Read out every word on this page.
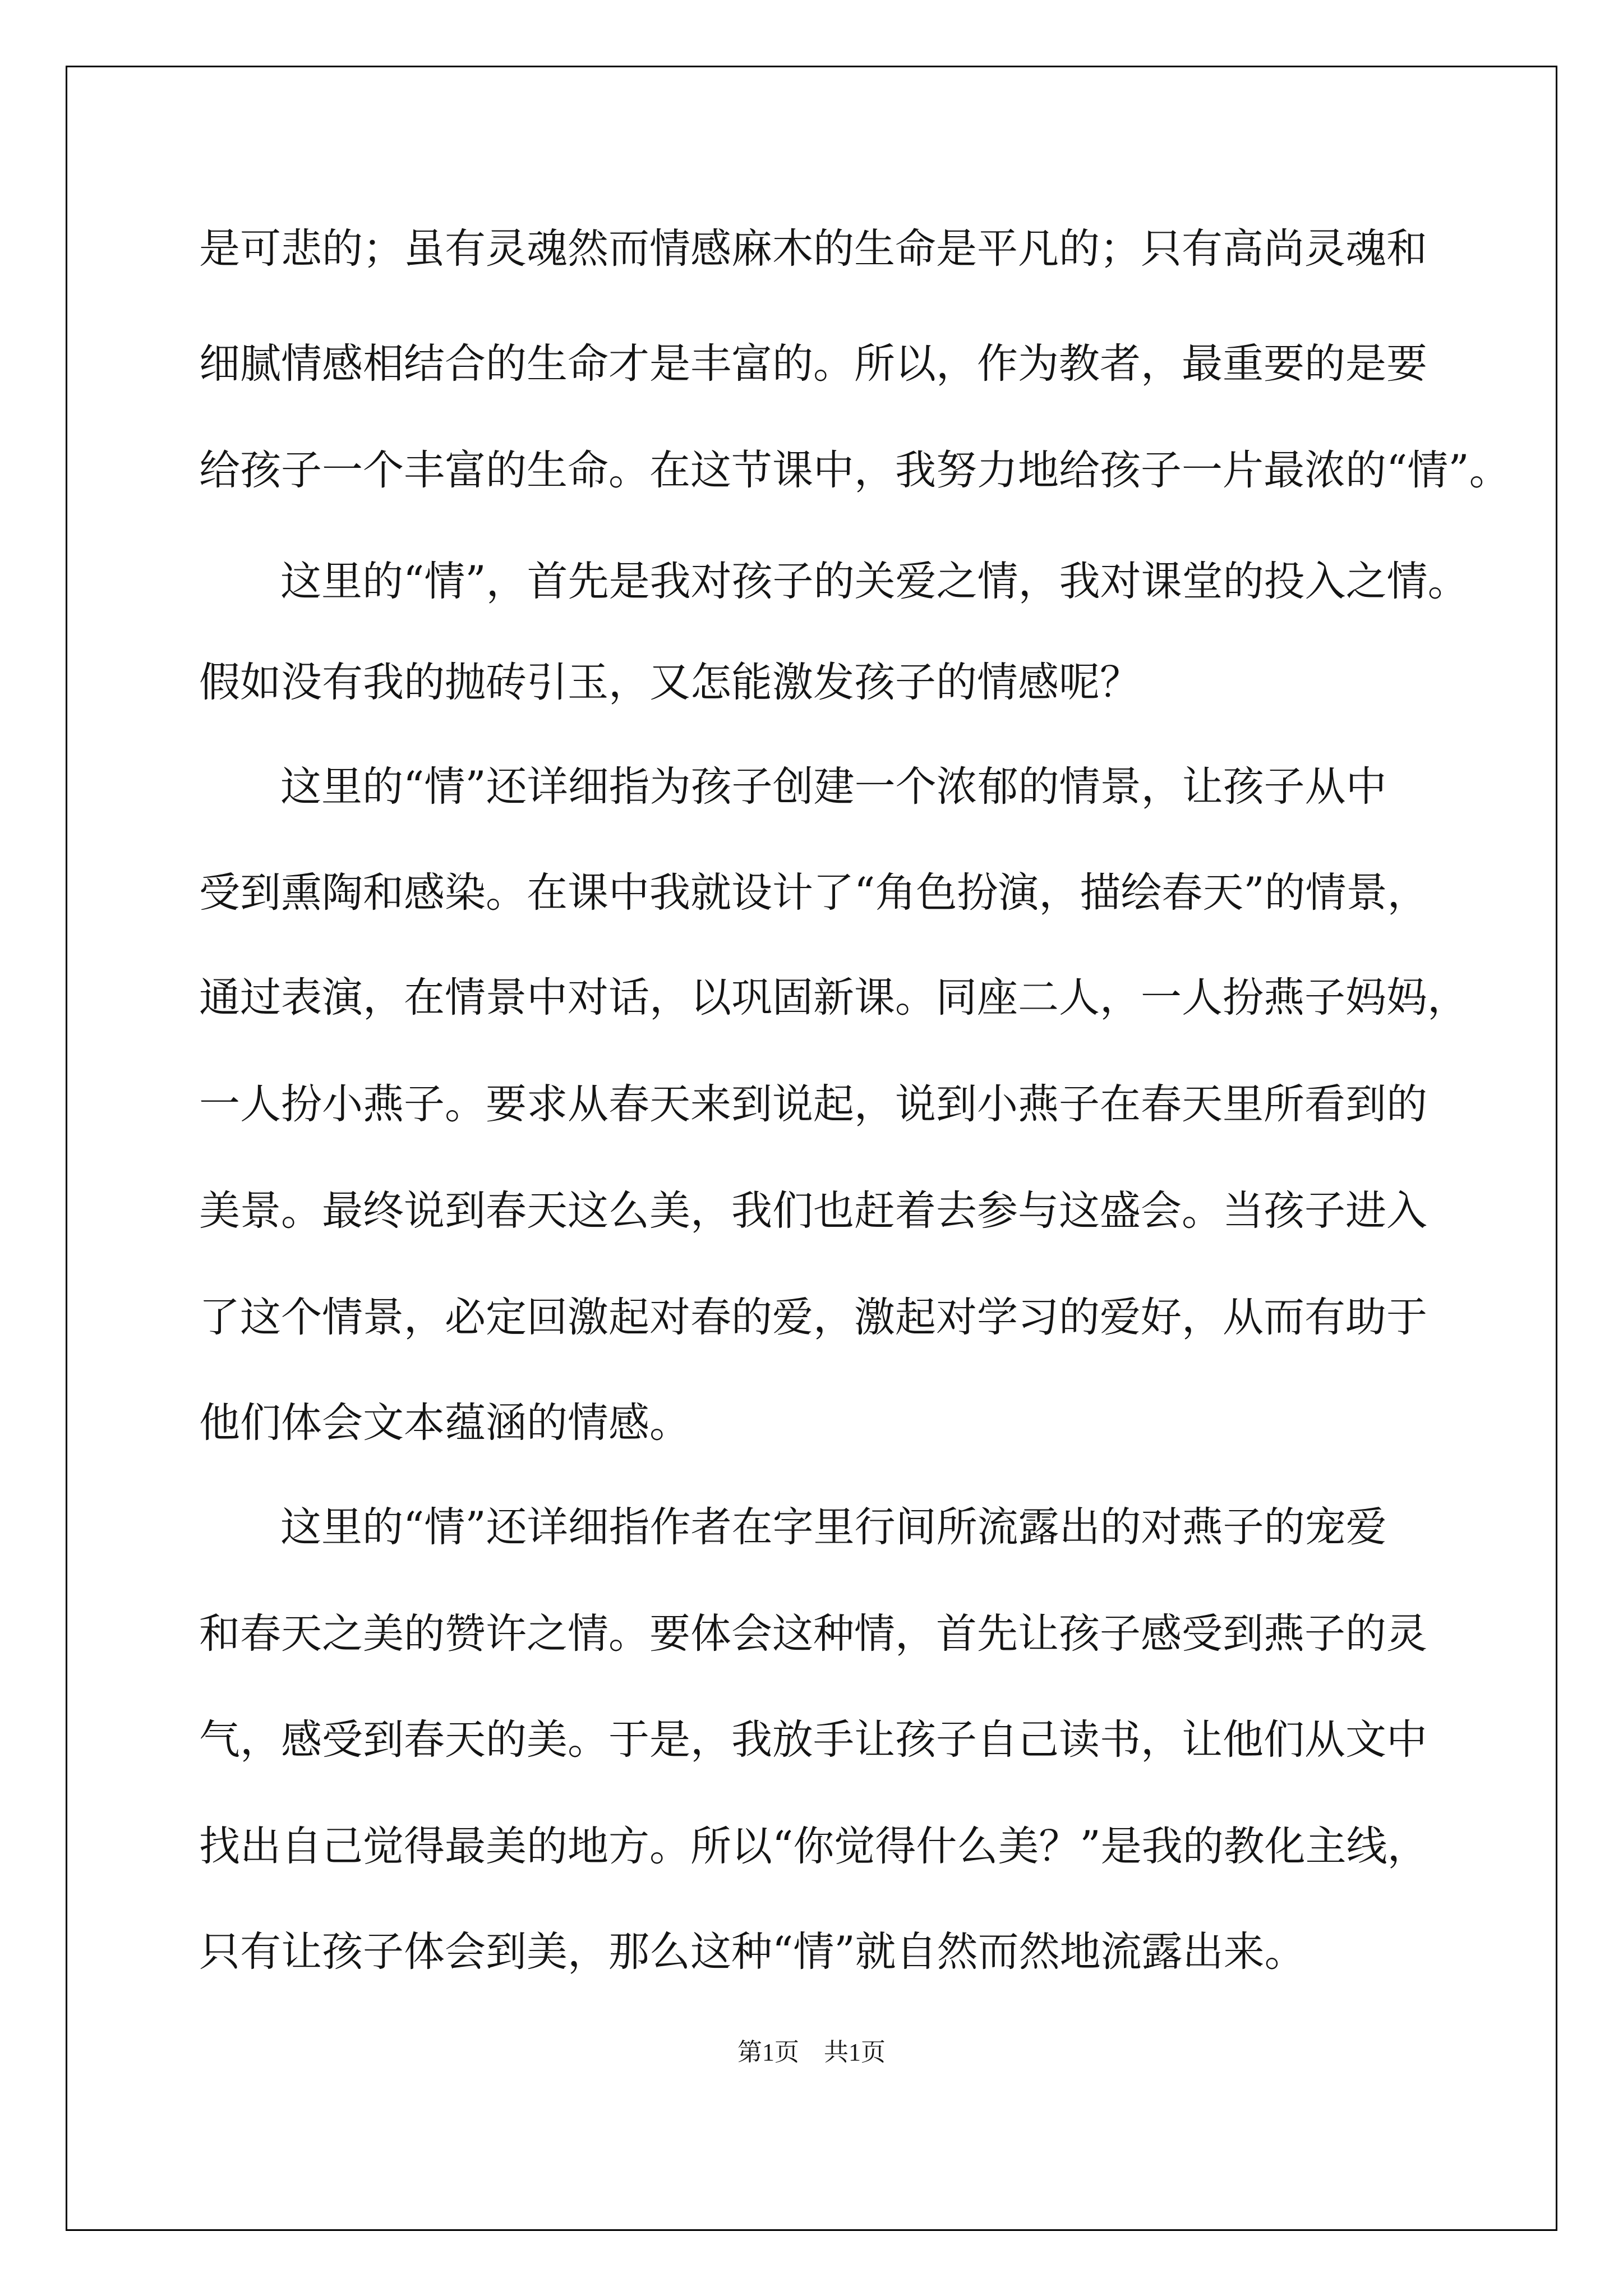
是可悲的；虽有灵魂然而情感麻木的生命是平凡的；只有高尚灵魂和

细腻情感相结合的生命才是丰富的。所以，作为教者，最重要的是要

给孩子一个丰富的生命。在这节课中，我努力地给孩子一片最浓的“情”。

这里的“情”，首先是我对孩子的关爱之情，我对课堂的投入之情。

假如没有我的抛砖引玉，又怎能激发孩子的情感呢？

这里的“情”还详细指为孩子创建一个浓郁的情景，让孩子从中

受到熏陶和感染。在课中我就设计了“角色扮演，描绘春天”的情景，

通过表演，在情景中对话，以巩固新课。同座二人，一人扮燕子妈妈，

一人扮小燕子。要求从春天来到说起，说到小燕子在春天里所看到的

美景。最终说到春天这么美，我们也赶着去参与这盛会。当孩子进入

了这个情景，必定回激起对春的爱，激起对学习的爱好，从而有助于

他们体会文本蕴涵的情感。

这里的“情”还详细指作者在字里行间所流露出的对燕子的宠爱

和春天之美的赞许之情。要体会这种情，首先让孩子感受到燕子的灵

气，感受到春天的美。于是，我放手让孩子自己读书，让他们从文中

找出自己觉得最美的地方。所以“你觉得什么美？”是我的教化主线，

只有让孩子体会到美，那么这种“情”就自然而然地流露出来。

第1页　共1页
